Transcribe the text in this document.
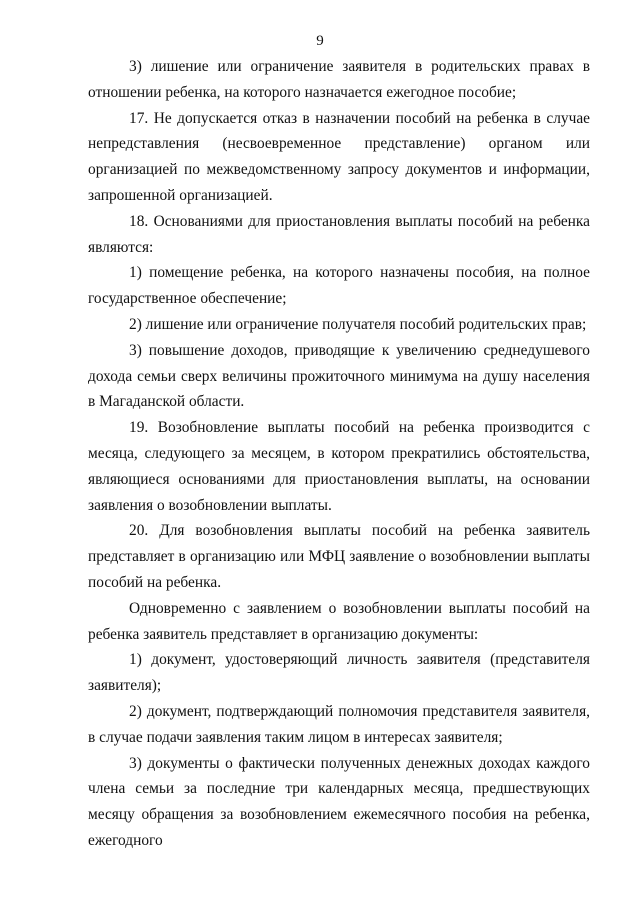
9

3) лишение или ограничение заявителя в родительских правах в отношении ребенка, на которого назначается ежегодное пособие;

17. Не допускается отказ в назначении пособий на ребенка в случае непредставления (несвоевременное представление) органом или организацией по межведомственному запросу документов и информации, запрошенной организацией.

18. Основаниями для приостановления выплаты пособий на ребенка являются:

1) помещение ребенка, на которого назначены пособия, на полное государственное обеспечение;

2) лишение или ограничение получателя пособий родительских прав;

3) повышение доходов, приводящие к увеличению среднедушевого дохода семьи сверх величины прожиточного минимума на душу населения в Магаданской области.

19. Возобновление выплаты пособий на ребенка производится с месяца, следующего за месяцем, в котором прекратились обстоятельства, являющиеся основаниями для приостановления выплаты, на основании заявления о возобновлении выплаты.

20. Для возобновления выплаты пособий на ребенка заявитель представляет в организацию или МФЦ заявление о возобновлении выплаты пособий на ребенка.

Одновременно с заявлением о возобновлении выплаты пособий на ребенка заявитель представляет в организацию документы:

1) документ, удостоверяющий личность заявителя (представителя заявителя);

2) документ, подтверждающий полномочия представителя заявителя, в случае подачи заявления таким лицом в интересах заявителя;

3) документы о фактически полученных денежных доходах каждого члена семьи за последние три календарных месяца, предшествующих месяцу обращения за возобновлением ежемесячного пособия на ребенка, ежегодного
